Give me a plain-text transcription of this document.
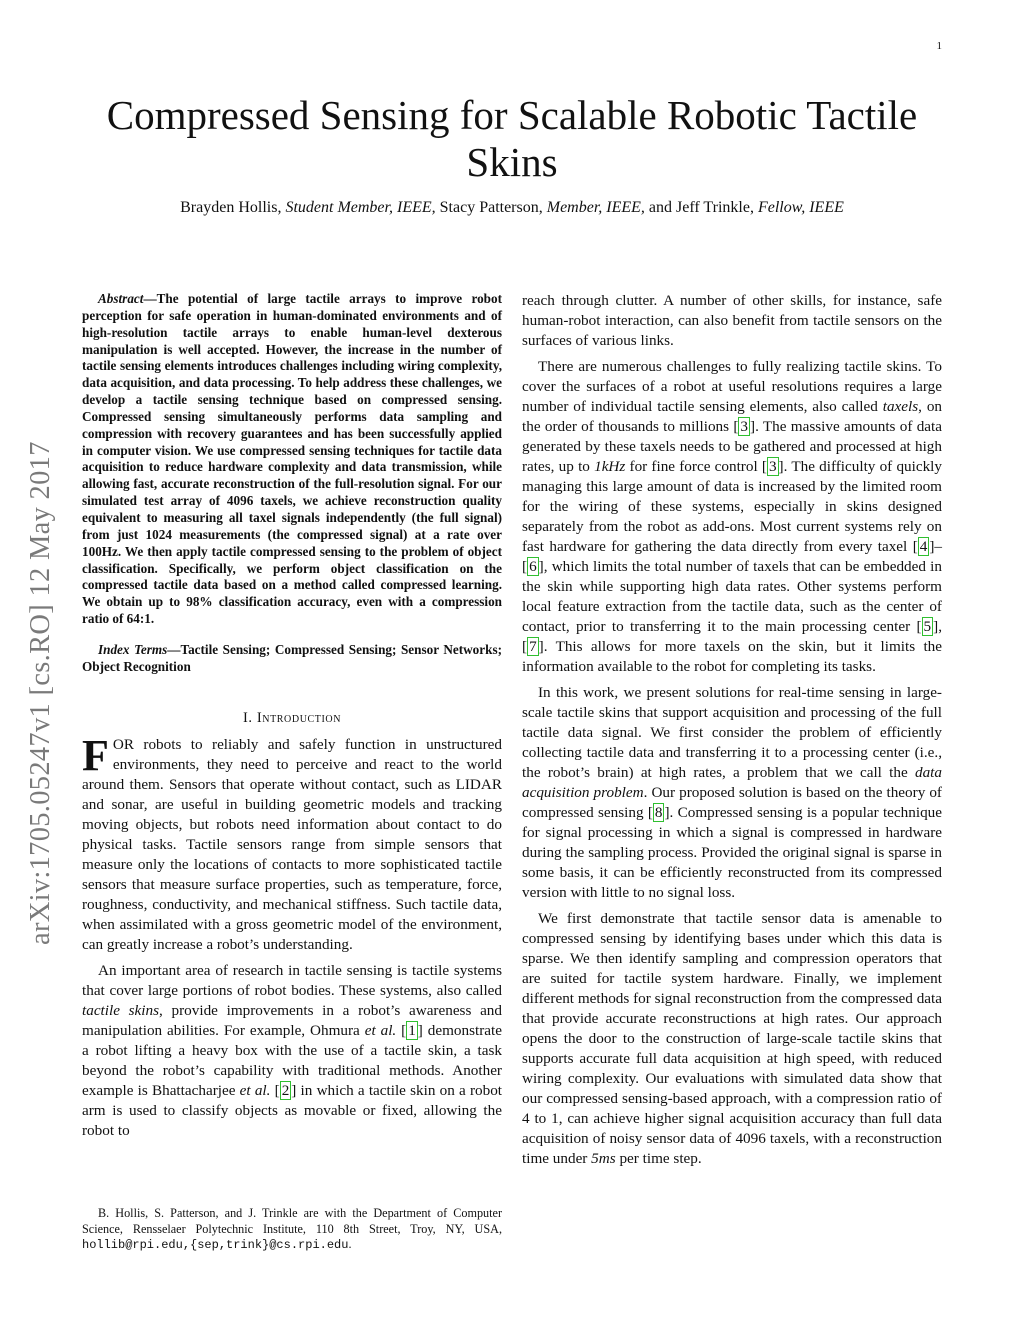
1
Compressed Sensing for Scalable Robotic Tactile Skins
Brayden Hollis, Student Member, IEEE, Stacy Patterson, Member, IEEE, and Jeff Trinkle, Fellow, IEEE
arXiv:1705.05247v1 [cs.RO] 12 May 2017

Abstract—The potential of large tactile arrays to improve robot perception for safe operation in human-dominated environments and of high-resolution tactile arrays to enable human-level dexterous manipulation is well accepted. However, the increase in the number of tactile sensing elements introduces challenges including wiring complexity, data acquisition, and data processing. To help address these challenges, we develop a tactile sensing technique based on compressed sensing. Compressed sensing simultaneously performs data sampling and compression with recovery guarantees and has been successfully applied in computer vision. We use compressed sensing techniques for tactile data acquisition to reduce hardware complexity and data transmission, while allowing fast, accurate reconstruction of the full-resolution signal. For our simulated test array of 4096 taxels, we achieve reconstruction quality equivalent to measuring all taxel signals independently (the full signal) from just 1024 measurements (the compressed signal) at a rate over 100Hz. We then apply tactile compressed sensing to the problem of object classification. Specifically, we perform object classification on the compressed tactile data based on a method called compressed learning. We obtain up to 98% classification accuracy, even with a compression ratio of 64:1.

Index Terms—Tactile Sensing; Compressed Sensing; Sensor Networks; Object Recognition

I. Introduction

FOR robots to reliably and safely function in unstructured environments, they need to perceive and react to the world around them. Sensors that operate without contact, such as LIDAR and sonar, are useful in building geometric models and tracking moving objects, but robots need information about contact to do physical tasks. Tactile sensors range from simple sensors that measure only the locations of contacts to more sophisticated tactile sensors that measure surface properties, such as temperature, force, roughness, conductivity, and mechanical stiffness. Such tactile data, when assimilated with a gross geometric model of the environment, can greatly increase a robot’s understanding.

An important area of research in tactile sensing is tactile systems that cover large portions of robot bodies. These systems, also called tactile skins, provide improvements in a robot’s awareness and manipulation abilities. For example, Ohmura et al. [ 1 ] demonstrate a robot lifting a heavy box with the use of a tactile skin, a task beyond the robot’s capability with traditional methods. Another example is Bhattacharjee et al. [ 2 ] in which a tactile skin on a robot arm is used to classify objects as movable or fixed, allowing the robot to

B. Hollis, S. Patterson, and J. Trinkle are with the Department of Computer Science, Rensselaer Polytechnic Institute, 110 8th Street, Troy, NY, USA, hollib@rpi.edu,{sep,trink}@cs.rpi.edu.

reach through clutter. A number of other skills, for instance, safe human-robot interaction, can also benefit from tactile sensors on the surfaces of various links.

There are numerous challenges to fully realizing tactile skins. To cover the surfaces of a robot at useful resolutions requires a large number of individual tactile sensing elements, also called taxels, on the order of thousands to millions [ 3 ]. The massive amounts of data generated by these taxels needs to be gathered and processed at high rates, up to 1kHz for fine force control [ 3 ]. The difficulty of quickly managing this large amount of data is increased by the limited room for the wiring of these systems, especially in skins designed separately from the robot as add-ons. Most current systems rely on fast hardware for gathering the data directly from every taxel [ 4 ]–[ 6 ], which limits the total number of taxels that can be embedded in the skin while supporting high data rates. Other systems perform local feature extraction from the tactile data, such as the center of contact, prior to transferring it to the main processing center [ 5 ], [ 7 ]. This allows for more taxels on the skin, but it limits the information available to the robot for completing its tasks.

In this work, we present solutions for real-time sensing in large-scale tactile skins that support acquisition and processing of the full tactile data signal. We first consider the problem of efficiently collecting tactile data and transferring it to a processing center (i.e., the robot’s brain) at high rates, a problem that we call the data acquisition problem. Our proposed solution is based on the theory of compressed sensing [ 8 ]. Compressed sensing is a popular technique for signal processing in which a signal is compressed in hardware during the sampling process. Provided the original signal is sparse in some basis, it can be efficiently reconstructed from its compressed version with little to no signal loss.

We first demonstrate that tactile sensor data is amenable to compressed sensing by identifying bases under which this data is sparse. We then identify sampling and compression operators that are suited for tactile system hardware. Finally, we implement different methods for signal reconstruction from the compressed data that provide accurate reconstructions at high rates. Our approach opens the door to the construction of large-scale tactile skins that supports accurate full data acquisition at high speed, with reduced wiring complexity. Our evaluations with simulated data show that our compressed sensing-based approach, with a compression ratio of 4 to 1, can achieve higher signal acquisition accuracy than full data acquisition of noisy sensor data of 4096 taxels, with a reconstruction time under 5ms per time step.
